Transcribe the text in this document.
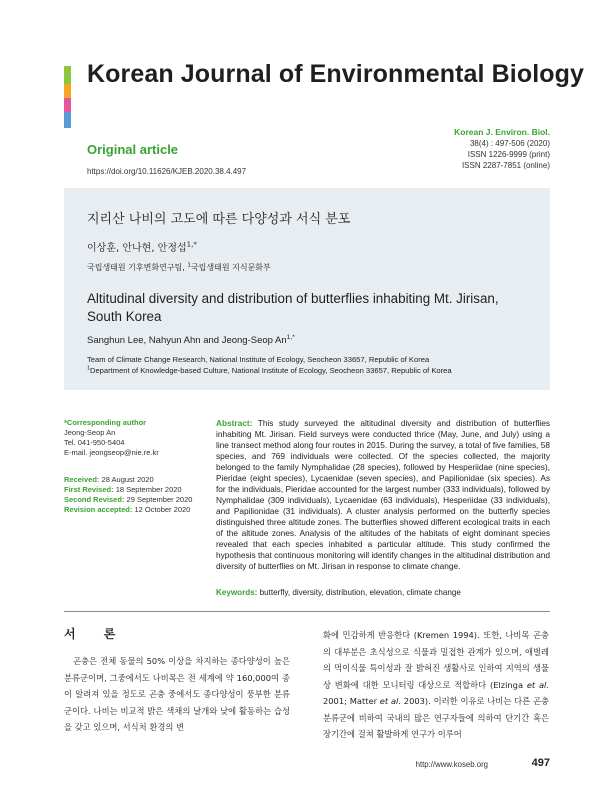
Korean Journal of Environmental Biology
Original article
https://doi.org/10.11626/KJEB.2020.38.4.497
Korean J. Environ. Biol.
38(4) : 497-506 (2020)
ISSN 1226-9999 (print)
ISSN 2287-7851 (online)
지리산 나비의 고도에 따른 다양성과 서식 분포
이상훈, 안나현, 안정섭$^{1,*}$
국립생태원 기후변화연구팀, $^1$국립생태원 지식문화부
Altitudinal diversity and distribution of butterflies inhabiting Mt. Jirisan, South Korea
Sanghun Lee, Nahyun Ahn and Jeong-Seop $An^{1,*}$
Team of Climate Change Research, National Institute of Ecology, Seocheon 33657, Republic of Korea
$^1$Department of Knowledge-based Culture, National Institute of Ecology, Seocheon 33657, Republic of Korea
*Corresponding author
Jeong-Seop An
Tel. 041-950-5404
E-mail. jeongseop@nie.re.kr
Received: 28 August 2020
First Revised: 18 September 2020
Second Revised: 29 September 2020
Revision accepted: 12 October 2020
Abstract: This study surveyed the altitudinal diversity and distribution of butterflies inhabiting Mt. Jirisan. Field surveys were conducted thrice (May, June, and July) using a line transect method along four routes in 2015. During the survey, a total of five families, 58 species, and 769 individuals were collected. Of the species collected, the majority belonged to the family Nymphalidae (28 species), followed by Hesperiidae (nine species), Pieridae (eight species), Lycaenidae (seven species), and Papilionidae (six species). As for the individuals, Pieridae accounted for the largest number (333 individuals), followed by Nymphalidae (309 individuals), Lycaenidae (63 individuals), Hesperiidae (33 individuals), and Papilionidae (31 individuals). A cluster analysis performed on the butterfly species distinguished three altitude zones. The butterflies showed different ecological traits in each of the altitude zones. Analysis of the altitudes of the habitats of eight dominant species revealed that each species inhabited a particular altitude. This study confirmed the hypothesis that continuous monitoring will identify changes in the altitudinal distribution and diversity of butterflies on Mt. Jirisan in response to climate change.
Keywords: butterfly, diversity, distribution, elevation, climate change
서 론
곤충은 전체 동물의 50% 이상을 차지하는 종다양성이 높은 분류군이며, 그중에서도 나비목은 전 세계에 약 160,000여 종이 알려져 있을 정도로 곤충 중에서도 종다양성이 풍부한 분류군이다. 나비는 비교적 밝은 색채의 날개와 낮에 활동하는 습성을 갖고 있으며, 서식처 환경의 변
화에 민감하게 반응한다 (Kremen 1994). 또한, 나비목 곤충의 대부분은 초식성으로 식물과 밀접한 관계가 있으며, 애벌레의 먹이식물 특이성과 잘 밝혀진 생활사로 인하여 지역의 생물상 변화에 대한 모니터링 대상으로 적합하다 (Elzinga et al. 2001; Matter et al. 2003). 이러한 이유로 나비는 다른 곤충 분류군에 비하여 국내의 많은 연구자들에 의하여 단기간 혹은 장기간에 걸쳐 활발하게 연구가 이루어
http://www.koseb.org	497
